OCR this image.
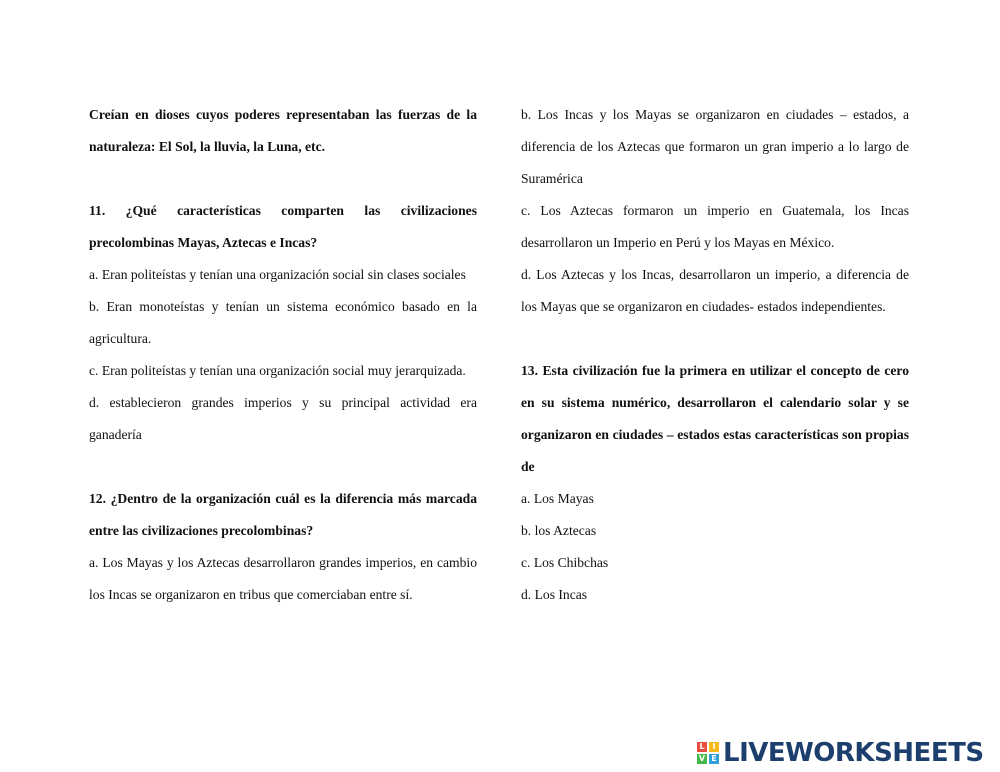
Creían en dioses cuyos poderes representaban las fuerzas de la naturaleza: El Sol, la lluvia, la Luna, etc.

11. ¿Qué características comparten las civilizaciones precolombinas Mayas, Aztecas e Incas?

a. Eran politeístas y tenían una organización social sin clases sociales

b. Eran monoteístas y tenían un sistema económico basado en la agricultura.

c. Eran politeístas y tenían una organización social muy jerarquizada.

d. establecieron grandes imperios y su principal actividad era ganadería

12. ¿Dentro de la organización cuál es la diferencia más marcada entre las civilizaciones precolombinas?

a. Los Mayas y los Aztecas desarrollaron grandes imperios, en cambio los Incas se organizaron en tribus que comerciaban entre sí.

b. Los Incas y los Mayas se organizaron en ciudades – estados, a diferencia de los Aztecas que formaron un gran imperio a lo largo de Suramérica

c. Los Aztecas formaron un imperio en Guatemala, los Incas desarrollaron un Imperio en Perú y los Mayas en México.

d. Los Aztecas y los Incas, desarrollaron un imperio, a diferencia de los Mayas que se organizaron en ciudades- estados independientes.

13. Esta civilización fue la primera en utilizar el concepto de cero en su sistema numérico, desarrollaron el calendario solar y se organizaron en ciudades – estados estas características son propias de

a. Los Mayas

b. los Aztecas

c. Los Chibchas

d. Los Incas

L I
V E LIVEWORKSHEETS
